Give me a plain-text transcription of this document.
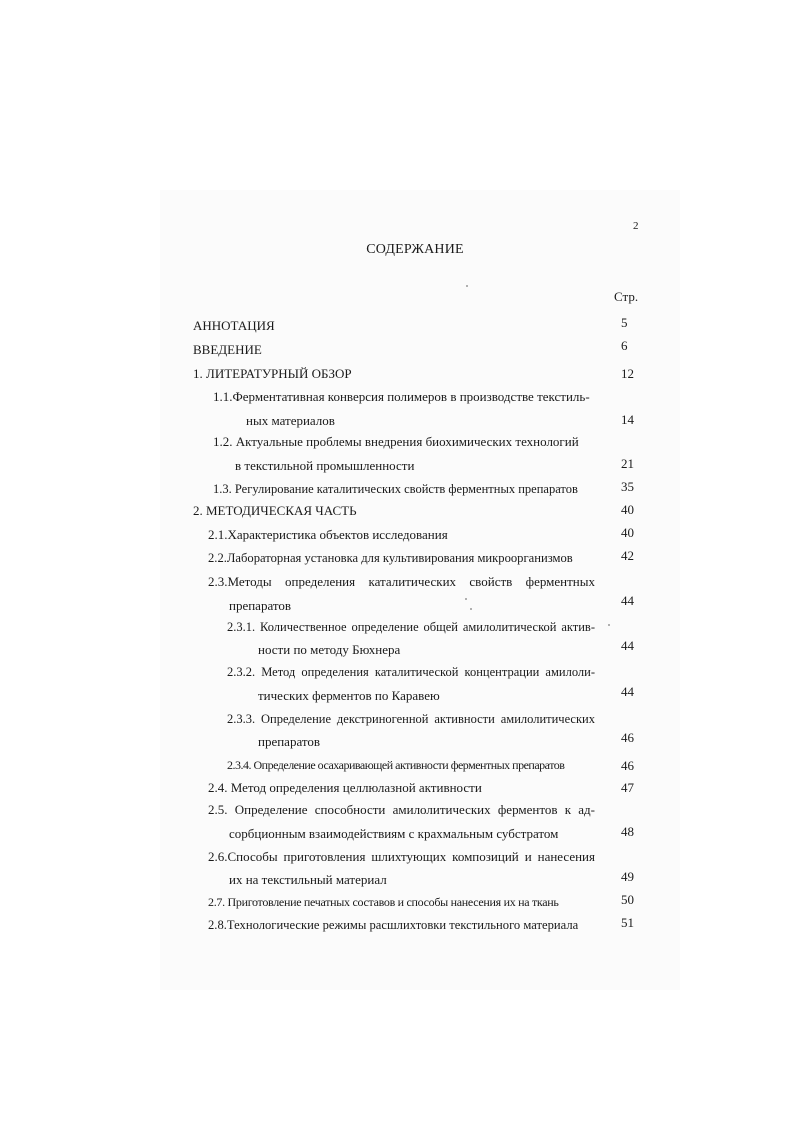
2
СОДЕРЖАНИЕ
Стр.
АННОТАЦИЯ	5
ВВЕДЕНИЕ	6
1. ЛИТЕРАТУРНЫЙ ОБЗОР	12
1.1.Ферментативная конверсия полимеров в производстве текстиль-
ных материалов	14
1.2. Актуальные проблемы внедрения биохимических технологий
в текстильной промышленности	21
1.3. Регулирование каталитических свойств ферментных препаратов	35
2. МЕТОДИЧЕСКАЯ ЧАСТЬ	40
2.1.Характеристика объектов исследования	40
2.2.Лабораторная установка для культивирования микроорганизмов	42
2.3.Методы определения каталитических свойств ферментных
препаратов	44
2.3.1. Количественное определение общей амилолитической актив-
ности по методу Бюхнера	44
2.3.2. Метод определения каталитической концентрации амилоли-
тических ферментов по Каравею	44
2.3.3. Определение декстриногенной активности амилолитических
препаратов	46
2.3.4. Определение осахаривающей активности ферментных препаратов	46
2.4. Метод определения целлюлазной активности	47
2.5. Определение способности амилолитических ферментов к ад-
сорбционным взаимодействиям с крахмальным субстратом	48
2.6.Способы приготовления шлихтующих композиций и нанесения
их на текстильный материал	49
2.7. Приготовление печатных составов и способы нанесения их на ткань	50
2.8.Технологические режимы расшлихтовки текстильного материала	51
